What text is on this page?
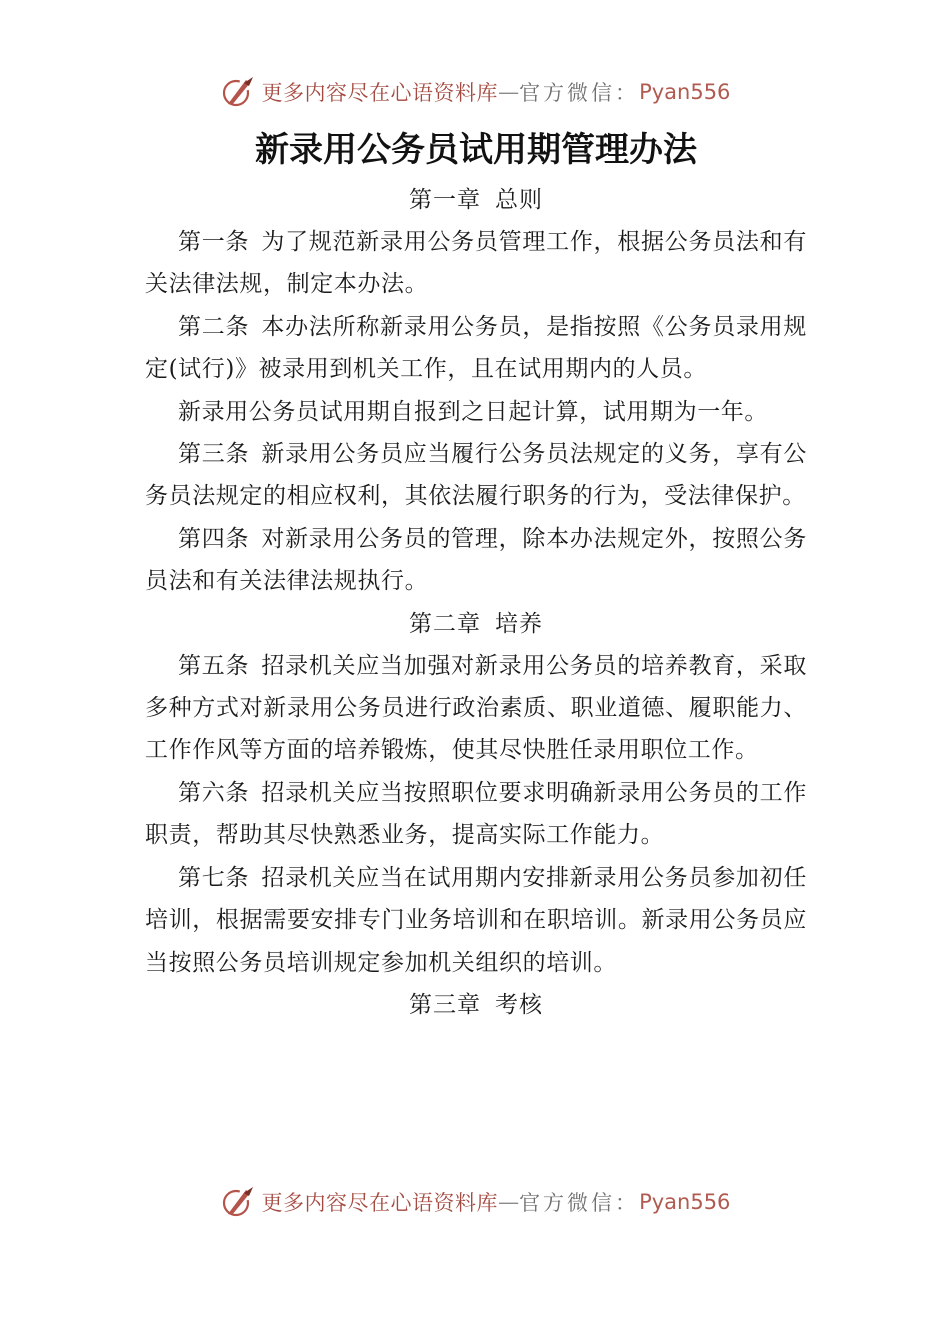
更多内容尽在心语资料库 — 官方微信： Pyan556
新录用公务员试用期管理办法
第一章 总则

第一条 为了规范新录用公务员管理工作，根据公务员法和有关法律法规，制定本办法。

第二条 本办法所称新录用公务员，是指按照《公务员录用规定(试行)》被录用到机关工作，且在试用期内的人员。

新录用公务员试用期自报到之日起计算，试用期为一年。

第三条 新录用公务员应当履行公务员法规定的义务，享有公务员法规定的相应权利，其依法履行职务的行为，受法律保护。

第四条 对新录用公务员的管理，除本办法规定外，按照公务员法和有关法律法规执行。

第二章 培养

第五条 招录机关应当加强对新录用公务员的培养教育，采取多种方式对新录用公务员进行政治素质、职业道德、履职能力、工作作风等方面的培养锻炼，使其尽快胜任录用职位工作。

第六条 招录机关应当按照职位要求明确新录用公务员的工作职责，帮助其尽快熟悉业务，提高实际工作能力。

第七条 招录机关应当在试用期内安排新录用公务员参加初任培训，根据需要安排专门业务培训和在职培训。新录用公务员应当按照公务员培训规定参加机关组织的培训。

第三章 考核
更多内容尽在心语资料库 — 官方微信： Pyan556
